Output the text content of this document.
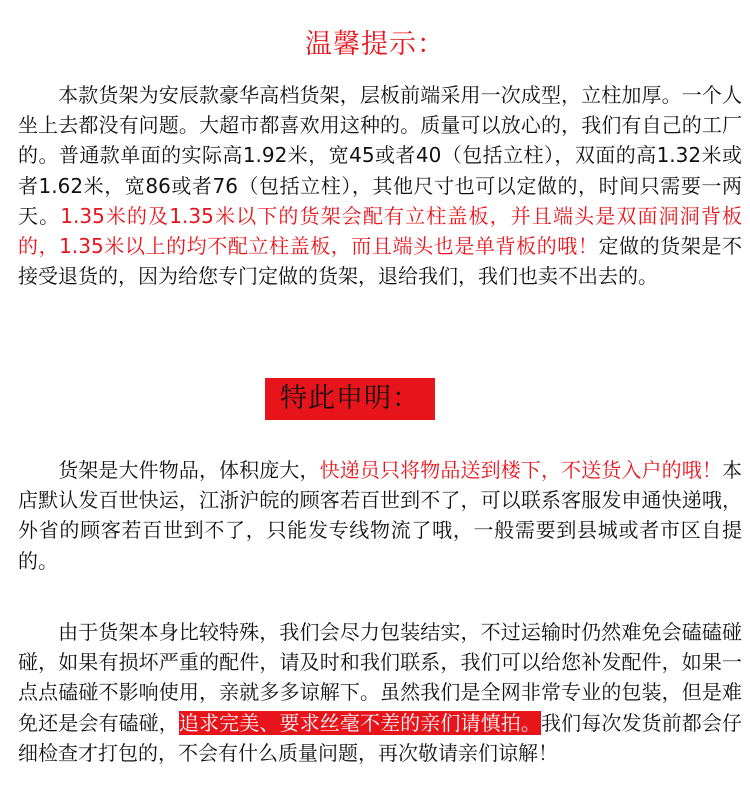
温馨提示：
  本款货架为安辰款豪华高档货架，层板前端采用一次成型，立柱加厚。一个人坐上去都没有问题。大超市都喜欢用这种的。质量可以放心的，我们有自己的工厂的。普通款单面的实际高1.92米，宽45或者40（包括立柱），双面的高1.32米或者1.62米，宽86或者76（包括立柱），其他尺寸也可以定做的，时间只需要一两天。1.35米的及1.35米以下的货架会配有立柱盖板，并且端头是双面洞洞背板的，1.35米以上的均不配立柱盖板，而且端头也是单背板的哦！定做的货架是不接受退货的，因为给您专门定做的货架，退给我们，我们也卖不出去的。
特此申明：
  货架是大件物品，体积庞大，快递员只将物品送到楼下，不送货入户的哦！本店默认发百世快运，江浙沪皖的顾客若百世到不了，可以联系客服发申通快递哦，外省的顾客若百世到不了，只能发专线物流了哦，一般需要到县城或者市区自提的。
  由于货架本身比较特殊，我们会尽力包装结实，不过运输时仍然难免会磕磕碰碰，如果有损坏严重的配件，请及时和我们联系，我们可以给您补发配件，如果一点点磕碰不影响使用，亲就多多谅解下。虽然我们是全网非常专业的包装，但是难免还是会有磕碰，追求完美、要求丝毫不差的亲们请慎拍。我们每次发货前都会仔细检查才打包的，不会有什么质量问题，再次敬请亲们谅解！
